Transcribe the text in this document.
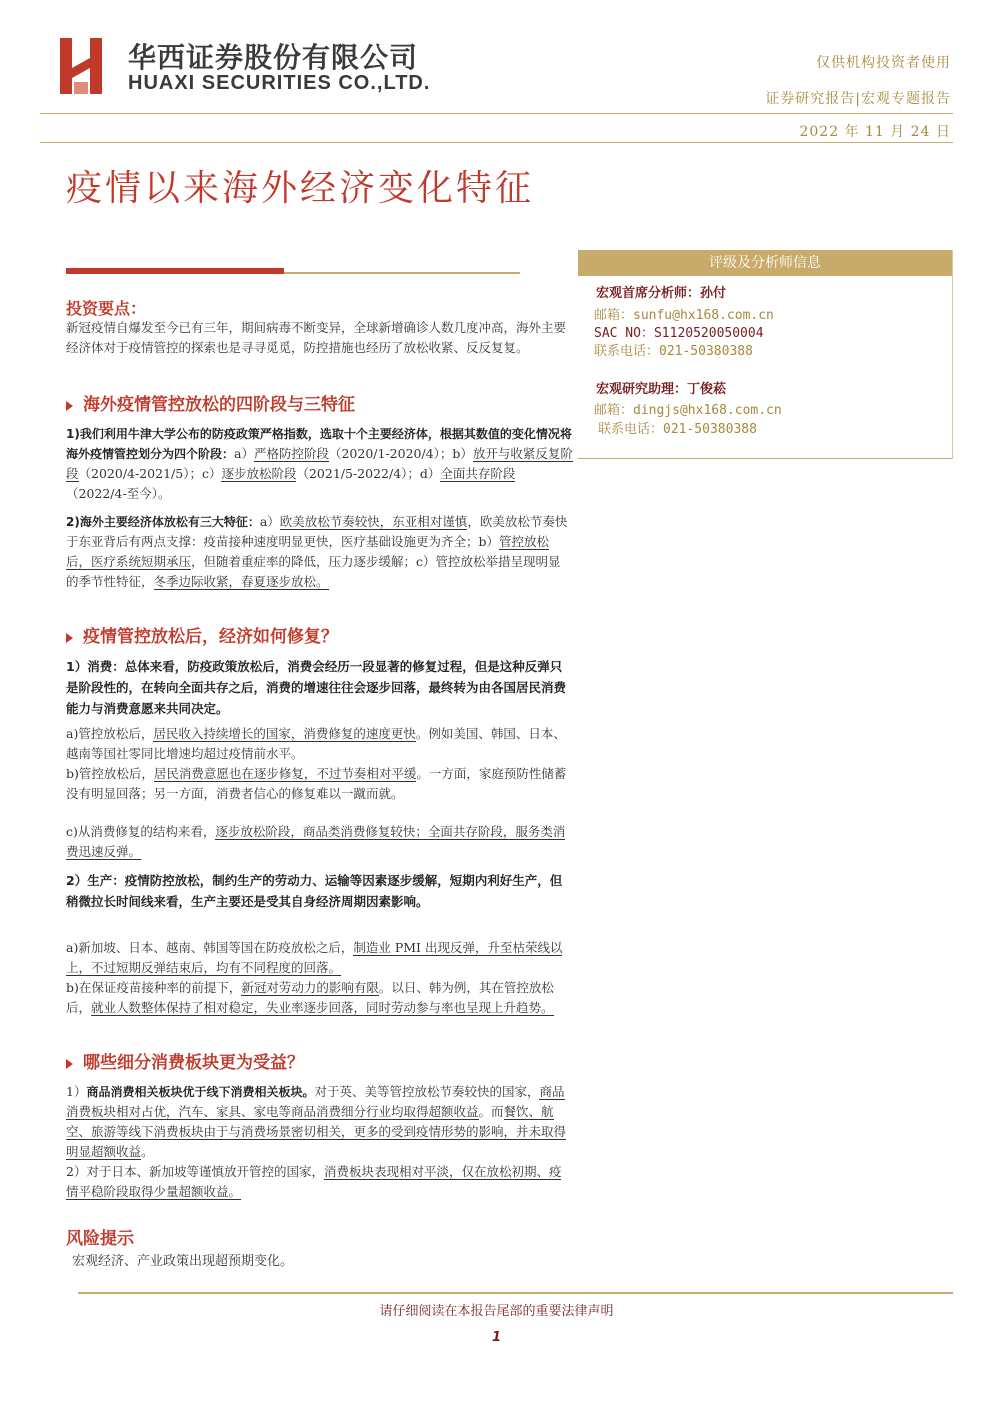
华西证券股份有限公司
HUAXI SECURITIES CO.,LTD.
仅供机构投资者使用
证券研究报告|宏观专题报告
2022 年 11 月 24 日
疫情以来海外经济变化特征
评级及分析师信息
宏观首席分析师：孙付
邮箱：sunfu@hx168.com.cn
SAC NO：S1120520050004
联系电话：021-50380388
宏观研究助理：丁俊菘
邮箱：dingjs@hx168.com.cn
联系电话：021-50380388
投资要点：
新冠疫情自爆发至今已有三年，期间病毒不断变异，全球新增确诊人数几度冲高，海外主要经济体对于疫情管控的探索也是寻寻觅觅，防控措施也经历了放松收紧、反反复复。
海外疫情管控放松的四阶段与三特征
1)我们利用牛津大学公布的防疫政策严格指数，选取十个主要经济体，根据其数值的变化情况将海外疫情管控划分为四个阶段：a）严格防控阶段（2020/1-2020/4）；b）放开与收紧反复阶段（2020/4-2021/5）；c）逐步放松阶段（2021/5-2022/4）；d）全面共存阶段（2022/4-至今）。
2)海外主要经济体放松有三大特征：a）欧美放松节奏较快，东亚相对谨慎，欧美放松节奏快于东亚背后有两点支撑：疫苗接种速度明显更快，医疗基础设施更为齐全；b）管控放松后，医疗系统短期承压，但随着重症率的降低，压力逐步缓解；c）管控放松举措呈现明显的季节性特征，冬季边际收紧，春夏逐步放松。
疫情管控放松后，经济如何修复？
1）消费：总体来看，防疫政策放松后，消费会经历一段显著的修复过程，但是这种反弹只是阶段性的，在转向全面共存之后，消费的增速往往会逐步回落，最终转为由各国居民消费能力与消费意愿来共同决定。
a)管控放松后，居民收入持续增长的国家，消费修复的速度更快。例如美国、韩国、日本、越南等国社零同比增速均超过疫情前水平。
b)管控放松后，居民消费意愿也在逐步修复，不过节奏相对平缓。一方面，家庭预防性储蓄没有明显回落；另一方面，消费者信心的修复难以一蹴而就。
c)从消费修复的结构来看，逐步放松阶段，商品类消费修复较快；全面共存阶段，服务类消费迅速反弹。
2）生产：疫情防控放松，制约生产的劳动力、运输等因素逐步缓解，短期内利好生产，但稍微拉长时间线来看，生产主要还是受其自身经济周期因素影响。
a)新加坡、日本、越南、韩国等国在防疫放松之后，制造业 PMI 出现反弹，升至枯荣线以上，不过短期反弹结束后，均有不同程度的回落。
b)在保证疫苗接种率的前提下，新冠对劳动力的影响有限。以日、韩为例，其在管控放松后，就业人数整体保持了相对稳定，失业率逐步回落，同时劳动参与率也呈现上升趋势。
哪些细分消费板块更为受益？
1）商品消费相关板块优于线下消费相关板块。对于英、美等管控放松节奏较快的国家，商品消费板块相对占优，汽车、家具、家电等商品消费细分行业均取得超额收益。而餐饮、航空、旅游等线下消费板块由于与消费场景密切相关，更多的受到疫情形势的影响，并未取得明显超额收益。
2）对于日本、新加坡等谨慎放开管控的国家，消费板块表现相对平淡，仅在放松初期、疫情平稳阶段取得少量超额收益。
风险提示
宏观经济、产业政策出现超预期变化。
请仔细阅读在本报告尾部的重要法律声明
1
